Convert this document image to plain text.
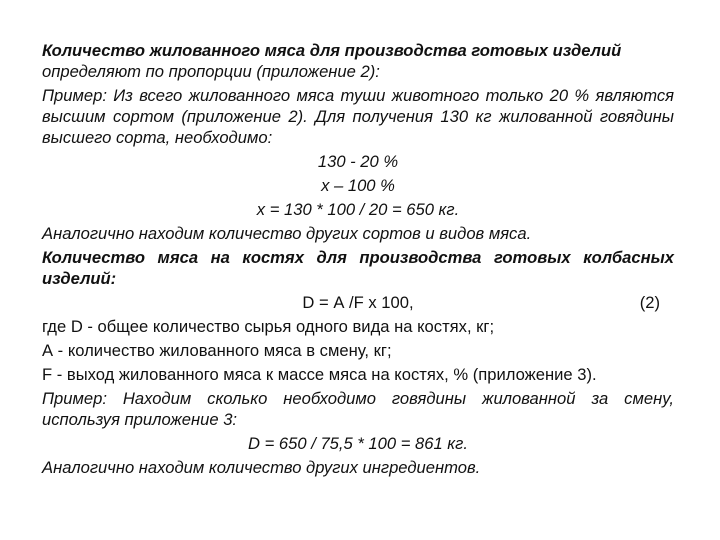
Количество жилованного мяса для производства готовых изделий

определяют по пропорции (приложение 2):

Пример: Из всего жилованного мяса туши животного только 20 % являются высшим сортом (приложение 2). Для получения 130 кг жилованной говядины высшего сорта, необходимо:

130 - 20 %

х – 100 %

х = 130 * 100 / 20 = 650 кг.

Аналогично находим количество других сортов и видов мяса.

Количество мяса на костях для производства готовых колбасных изделий:

D = А /F х 100,	(2)

где D - общее количество сырья одного вида на костях, кг;

А - количество жилованного мяса в смену, кг;

F - выход жилованного мяса к массе мяса на костях, % (приложение 3).

Пример: Находим сколько необходимо говядины жилованной за смену, используя приложение 3:

D = 650 / 75,5 * 100 = 861 кг.

Аналогично находим количество других ингредиентов.
